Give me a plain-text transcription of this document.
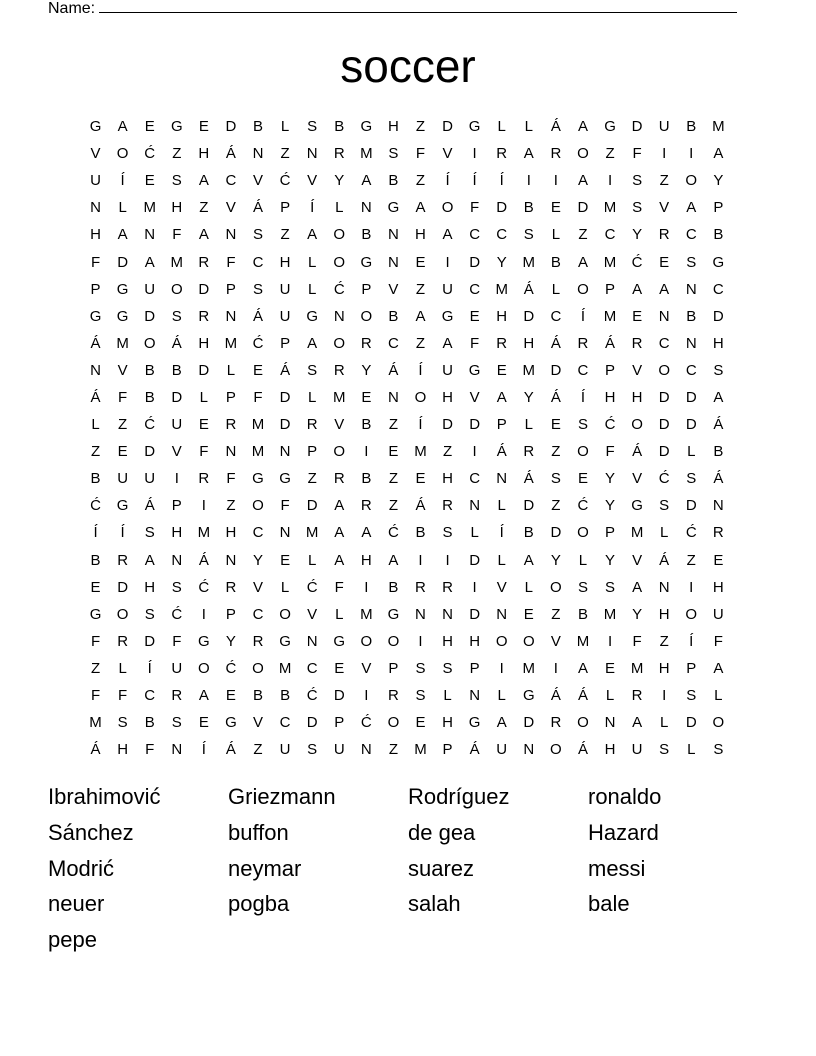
Name:
soccer
G	A	E	G	E	D	B	L	S	B	G	H	Z	D	G	L	L	Á	A	G	D	U	B	M
V	O	Ć	Z	H	Á	N	Z	N	R	M	S	F	V	I	R	A	R	O	Z	F	I	I	A
U	Í	E	S	A	C	V	Ć	V	Y	A	B	Z	Í	Í	Í	I	I	A	I	S	Z	O	Y
N	L	M	H	Z	V	Á	P	Í	L	N	G	A	O	F	D	B	E	D	M	S	V	A	P
H	A	N	F	A	N	S	Z	A	O	B	N	H	A	C	C	S	L	Z	C	Y	R	C	B
F	D	A	M	R	F	C	H	L	O	G	N	E	I	D	Y	M	B	A	M	Ć	E	S	G
P	G	U	O	D	P	S	U	L	Ć	P	V	Z	U	C	M	Á	L	O	P	A	A	N	C
G	G	D	S	R	N	Á	U	G	N	O	B	A	G	E	H	D	C	Í	M	E	N	B	D
Á	M	O	Á	H	M	Ć	P	A	O	R	C	Z	A	F	R	H	Á	R	Á	R	C	N	H
N	V	B	B	D	L	E	Á	S	R	Y	Á	Í	U	G	E	M	D	C	P	V	O	C	S
Á	F	B	D	L	P	F	D	L	M	E	N	O	H	V	A	Y	Á	Í	H	H	D	D	A
L	Z	Ć	U	E	R	M	D	R	V	B	Z	Í	D	D	P	L	E	S	Ć	O	D	D	Á
Z	E	D	V	F	N	M	N	P	O	I	E	M	Z	I	Á	R	Z	O	F	Á	D	L	B
B	U	U	I	R	F	G	G	Z	R	B	Z	E	H	C	N	Á	S	E	Y	V	Ć	S	Á
Ć	G	Á	P	I	Z	O	F	D	A	R	Z	Á	R	N	L	D	Z	Ć	Y	G	S	D	N
Í	Í	S	H	M	H	C	N	M	A	A	Ć	B	S	L	Í	B	D	O	P	M	L	Ć	R
B	R	A	N	Á	N	Y	E	L	A	H	A	I	I	D	L	A	Y	L	Y	V	Á	Z	E
E	D	H	S	Ć	R	V	L	Ć	F	I	B	R	R	I	V	L	O	S	S	A	N	I	H
G	O	S	Ć	I	P	C	O	V	L	M	G	N	N	D	N	E	Z	B	M	Y	H	O	U
F	R	D	F	G	Y	R	G	N	G	O	O	I	H	H	O	O	V	M	I	F	Z	Í	F
Z	L	Í	U	O	Ć	O M	C	E	V	P	S	S	P	I	M	I	A	E	M	H	P	A
F	F	C	R	A	E	B	B	Ć	D	I	R	S	L	N	L	G	Á	Á	L	R	I	S	L
M	S	B	S	E	G	V	C	D	P	Ć	O	E	H	G	A	D	R	O	N	A	L	D	O
Á	H	F	N	Í	Á	Z	U	S	U	N	Z	M	P	Á	U	N	O	Á	H	U	S	L	S
Ibrahimović	Griezmann	Rodríguez	ronaldo
Sánchez	buffon	de gea	Hazard
Modrić	neymar	suarez	messi
neuer	pogba	salah	bale
pepe
